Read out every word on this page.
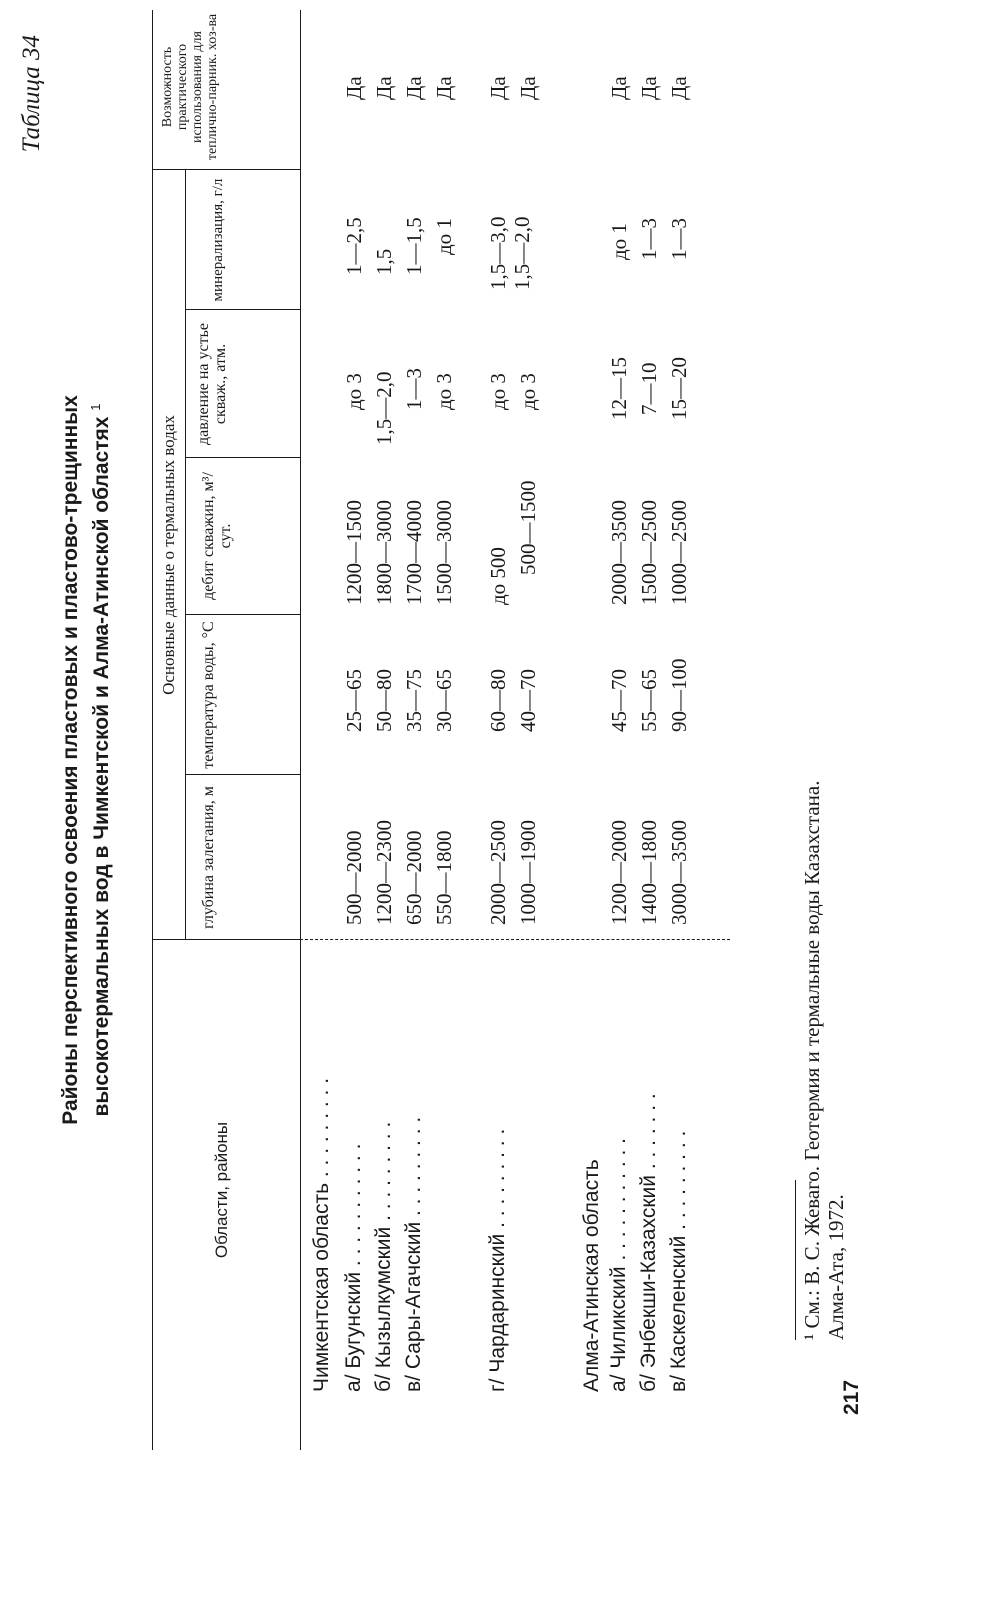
Таблица 34
Районы перспективного освоения пластовых и пластово-трещинных высокотермальных вод в Чимкентской и Алма-Атинской областях $^1$
Области, районы
Основные данные о термальных водах
глубина залегания, м
температура воды, °С
дебит скважин, м³/сут.
давление на устье скваж., атм.
минерализация, г/л
Возможность практического использования для теплично-парник. хоз-ва
Чимкентская область . . . . . . . . . а/ Бугунский . . . . . . . . . . .
500—2000
25—65
1200—1500
до 3
1—2,5
Да
б/ Кызылкумский . . . . . . . . .
1200—2300
50—80
1800—3000
1,5—2,0
1,5
Да
в/ Сары-Агачский . . . . . . . . .
650—2000
35—75
1700—4000
1—3
1—1,5
Да
550—1800
30—65
1500—3000
до 3
до 1
Да
г/ Чардаринский . . . . . . . . .
2000—2500
60—80
до 500
до 3
1,5—3,0
Да
1000—1900
40—70
500—1500
до 3
1,5—2,0
Да
Алма-Атинская область а/ Чиликский . . . . . . . . . . .
1200—2000
45—70
2000—3500
12—15
до 1
Да
б/ Энбекши-Казахский . . . . . . .
1400—1800
55—65
1500—2500
7—10
1—3
Да
в/ Каскеленский . . . . . . . . .
3000—3500
90—100
1000—2500
15—20
1—3
Да
¹ См.: В. С. Жеваго. Геотермия и термальные воды Казахстана. Алма-Ата, 1972.
217
